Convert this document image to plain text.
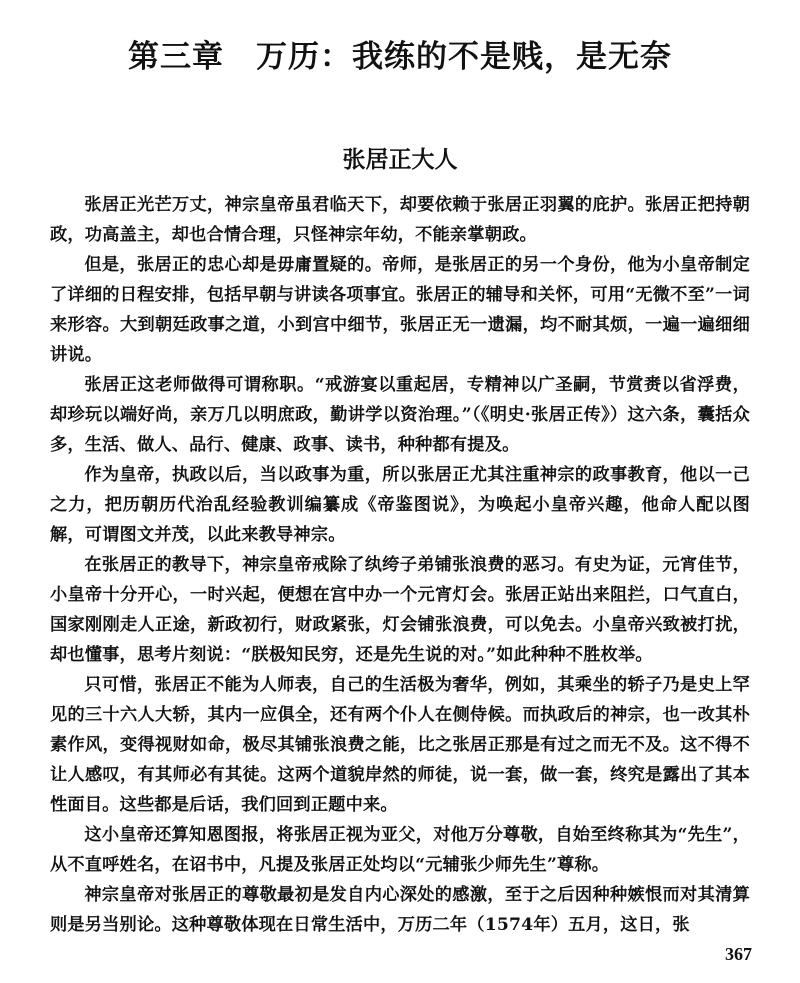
第三章　万历：我练的不是贱，是无奈
张居正大人

张居正光芒万丈，神宗皇帝虽君临天下，却要依赖于张居正羽翼的庇护。张居正把持朝政，功高盖主，却也合情合理，只怪神宗年幼，不能亲掌朝政。

但是，张居正的忠心却是毋庸置疑的。帝师，是张居正的另一个身份，他为小皇帝制定了详细的日程安排，包括早朝与讲读各项事宜。张居正的辅导和关怀，可用“无微不至”一词来形容。大到朝廷政事之道，小到宫中细节，张居正无一遗漏，均不耐其烦，一遍一遍细细讲说。

张居正这老师做得可谓称职。“戒游宴以重起居，专精神以广圣嗣，节赏赉以省浮费，却珍玩以端好尚，亲万几以明庶政，勤讲学以资治理。”（《明史·张居正传》）这六条，囊括众多，生活、做人、品行、健康、政事、读书，种种都有提及。

作为皇帝，执政以后，当以政事为重，所以张居正尤其注重神宗的政事教育，他以一己之力，把历朝历代治乱经验教训编纂成《帝鉴图说》，为唤起小皇帝兴趣，他命人配以图解，可谓图文并茂，以此来教导神宗。

在张居正的教导下，神宗皇帝戒除了纨绔子弟铺张浪费的恶习。有史为证，元宵佳节，小皇帝十分开心，一时兴起，便想在宫中办一个元宵灯会。张居正站出来阻拦，口气直白，国家刚刚走人正途，新政初行，财政紧张，灯会铺张浪费，可以免去。小皇帝兴致被打扰，却也懂事，思考片刻说：“朕极知民穷，还是先生说的对。”如此种种不胜枚举。

只可惜，张居正不能为人师表，自己的生活极为奢华，例如，其乘坐的轿子乃是史上罕见的三十六人大轿，其内一应俱全，还有两个仆人在侧侍候。而执政后的神宗，也一改其朴素作风，变得视财如命，极尽其铺张浪费之能，比之张居正那是有过之而无不及。这不得不让人感叹，有其师必有其徒。这两个道貌岸然的师徒，说一套，做一套，终究是露出了其本性面目。这些都是后话，我们回到正题中来。

这小皇帝还算知恩图报，将张居正视为亚父，对他万分尊敬，自始至终称其为“先生”，从不直呼姓名，在诏书中，凡提及张居正处均以“元辅张少师先生”尊称。

神宗皇帝对张居正的尊敬最初是发自内心深处的感激，至于之后因种种嫉恨而对其清算则是另当别论。这种尊敬体现在日常生活中，万历二年（1574年）五月，这日，张

367
